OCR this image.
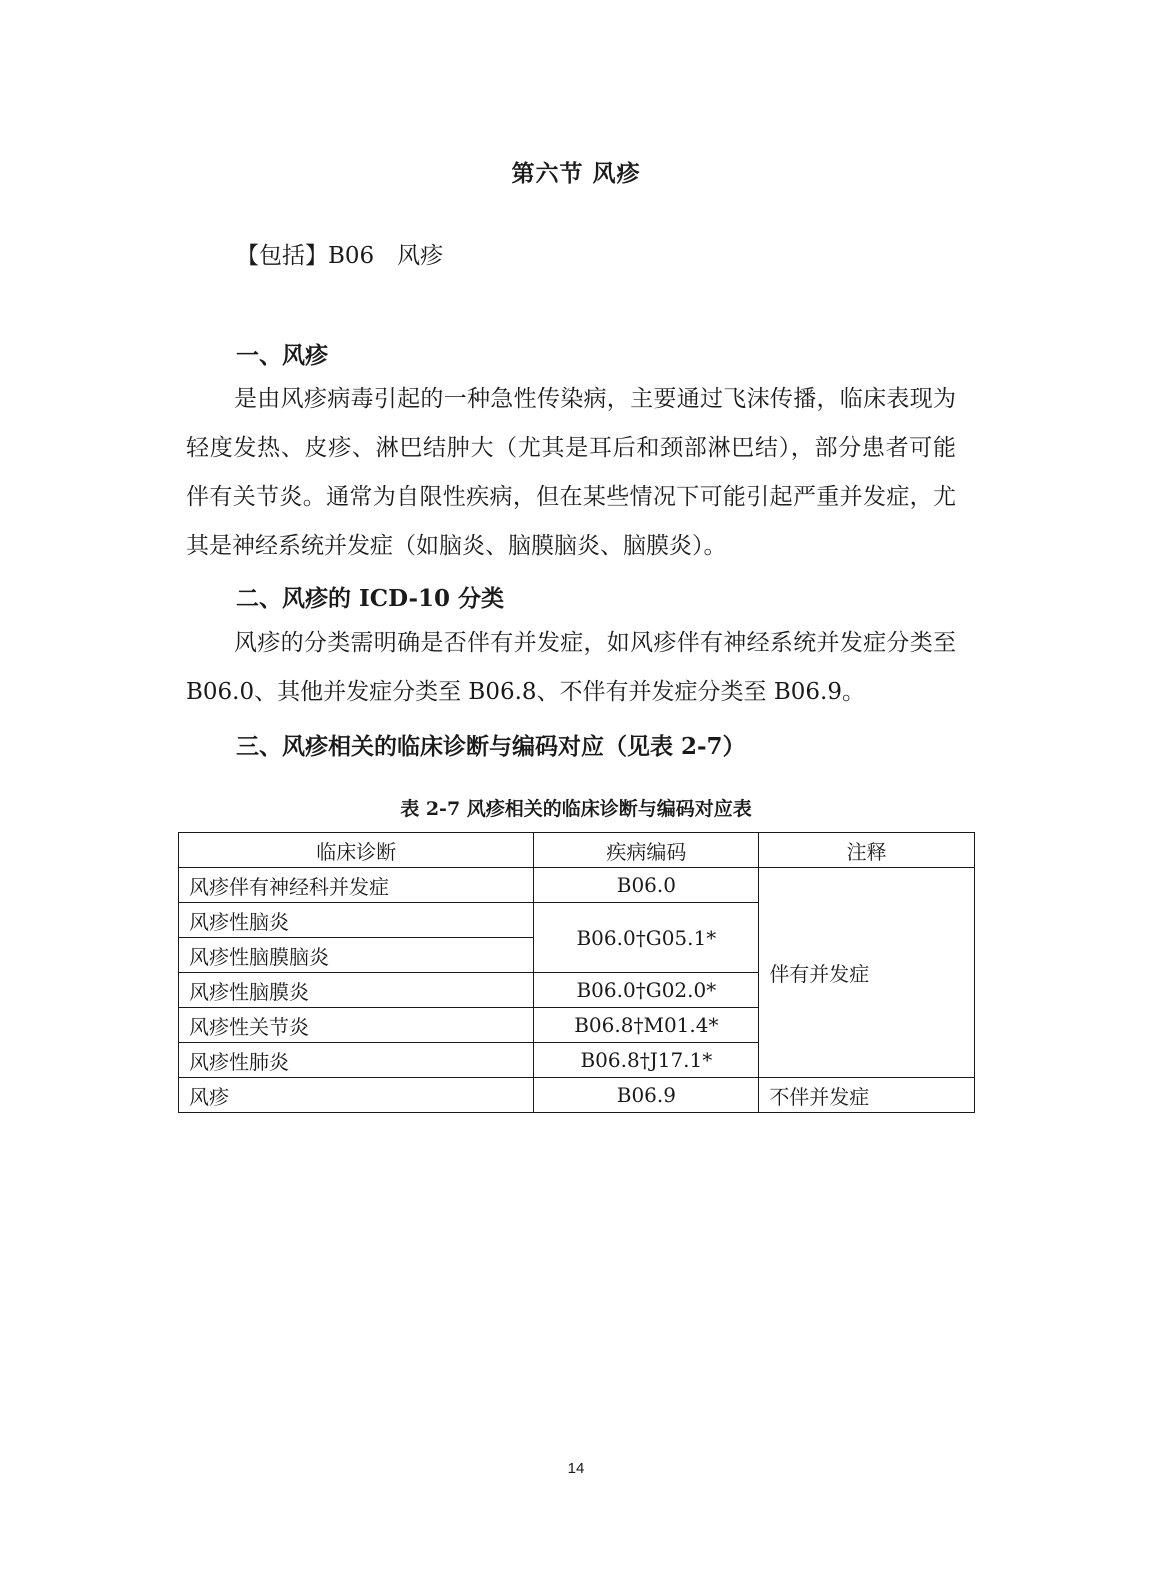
第六节 风疹
【包括】B06　风疹
一、风疹
是由风疹病毒引起的一种急性传染病，主要通过飞沫传播，临床表现为轻度发热、皮疹、淋巴结肿大（尤其是耳后和颈部淋巴结），部分患者可能伴有关节炎。通常为自限性疾病，但在某些情况下可能引起严重并发症，尤其是神经系统并发症（如脑炎、脑膜脑炎、脑膜炎）。
二、风疹的 ICD-10 分类
风疹的分类需明确是否伴有并发症，如风疹伴有神经系统并发症分类至 B06.0、其他并发症分类至 B06.8、不伴有并发症分类至 B06.9。
三、风疹相关的临床诊断与编码对应（见表 2-7）
表 2-7 风疹相关的临床诊断与编码对应表
临床诊断	疾病编码	注释
风疹伴有神经科并发症	B06.0	伴有并发症
风疹性脑炎	B06.0†G05.1*	
风疹性脑膜脑炎		
风疹性脑膜炎	B06.0†G02.0*	
风疹性关节炎	B06.8†M01.4*	
风疹性肺炎	B06.8†J17.1*	
风疹	B06.9	不伴并发症
14
